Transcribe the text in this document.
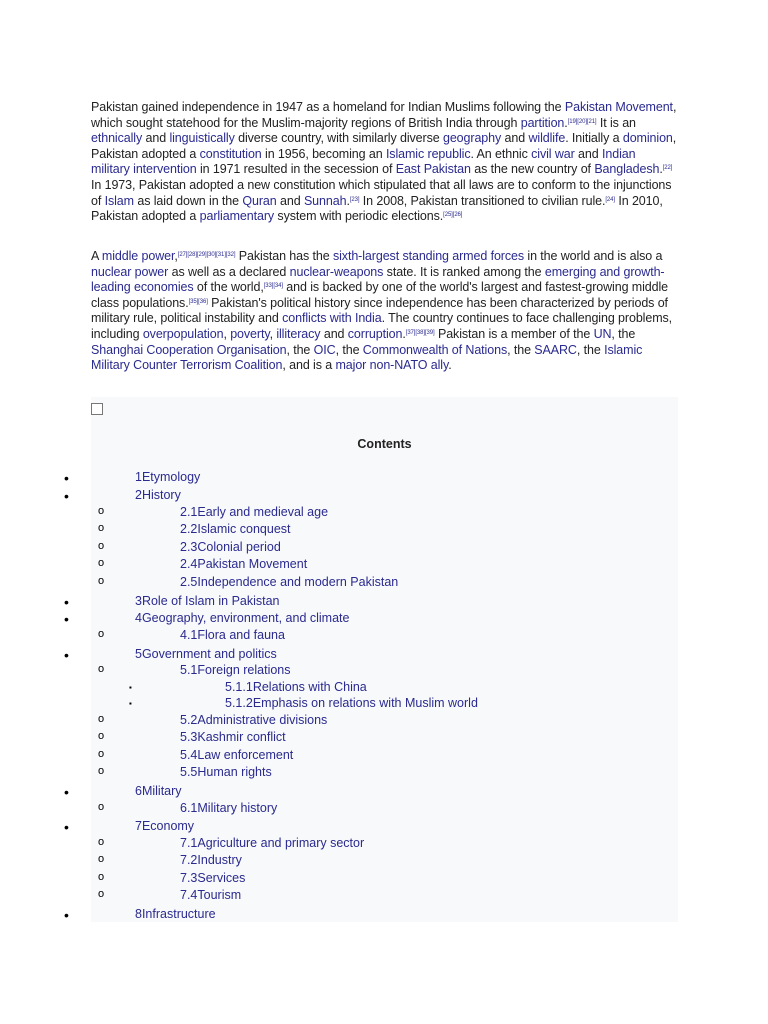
Pakistan gained independence in 1947 as a homeland for Indian Muslims following the Pakistan Movement, which sought statehood for the Muslim-majority regions of British India through partition.[19][20][21] It is an ethnically and linguistically diverse country, with similarly diverse geography and wildlife. Initially a dominion, Pakistan adopted a constitution in 1956, becoming an Islamic republic. An ethnic civil war and Indian military intervention in 1971 resulted in the secession of East Pakistan as the new country of Bangladesh.[22] In 1973, Pakistan adopted a new constitution which stipulated that all laws are to conform to the injunctions of Islam as laid down in the Quran and Sunnah.[23] In 2008, Pakistan transitioned to civilian rule.[24] In 2010, Pakistan adopted a parliamentary system with periodic elections.[25][26]
A middle power,[27][28][29][30][31][32] Pakistan has the sixth-largest standing armed forces in the world and is also a nuclear power as well as a declared nuclear-weapons state. It is ranked among the emerging and growth-leading economies of the world,[33][34] and is backed by one of the world's largest and fastest-growing middle class populations.[35][36] Pakistan's political history since independence has been characterized by periods of military rule, political instability and conflicts with India. The country continues to face challenging problems, including overpopulation, poverty, illiteracy and corruption.[37][38][39] Pakistan is a member of the UN, the Shanghai Cooperation Organisation, the OIC, the Commonwealth of Nations, the SAARC, the Islamic Military Counter Terrorism Coalition, and is a major non-NATO ally.
Contents
•	1Etymology
•	2History
o	2.1Early and medieval age
o	2.2Islamic conquest
o	2.3Colonial period
o	2.4Pakistan Movement
o	2.5Independence and modern Pakistan
•	3Role of Islam in Pakistan
•	4Geography, environment, and climate
o	4.1Flora and fauna
•	5Government and politics
o	5.1Foreign relations
▪	5.1.1Relations with China
▪	5.1.2Emphasis on relations with Muslim world
o	5.2Administrative divisions
o	5.3Kashmir conflict
o	5.4Law enforcement
o	5.5Human rights
•	6Military
o	6.1Military history
•	7Economy
o	7.1Agriculture and primary sector
o	7.2Industry
o	7.3Services
o	7.4Tourism
•	8Infrastructure
